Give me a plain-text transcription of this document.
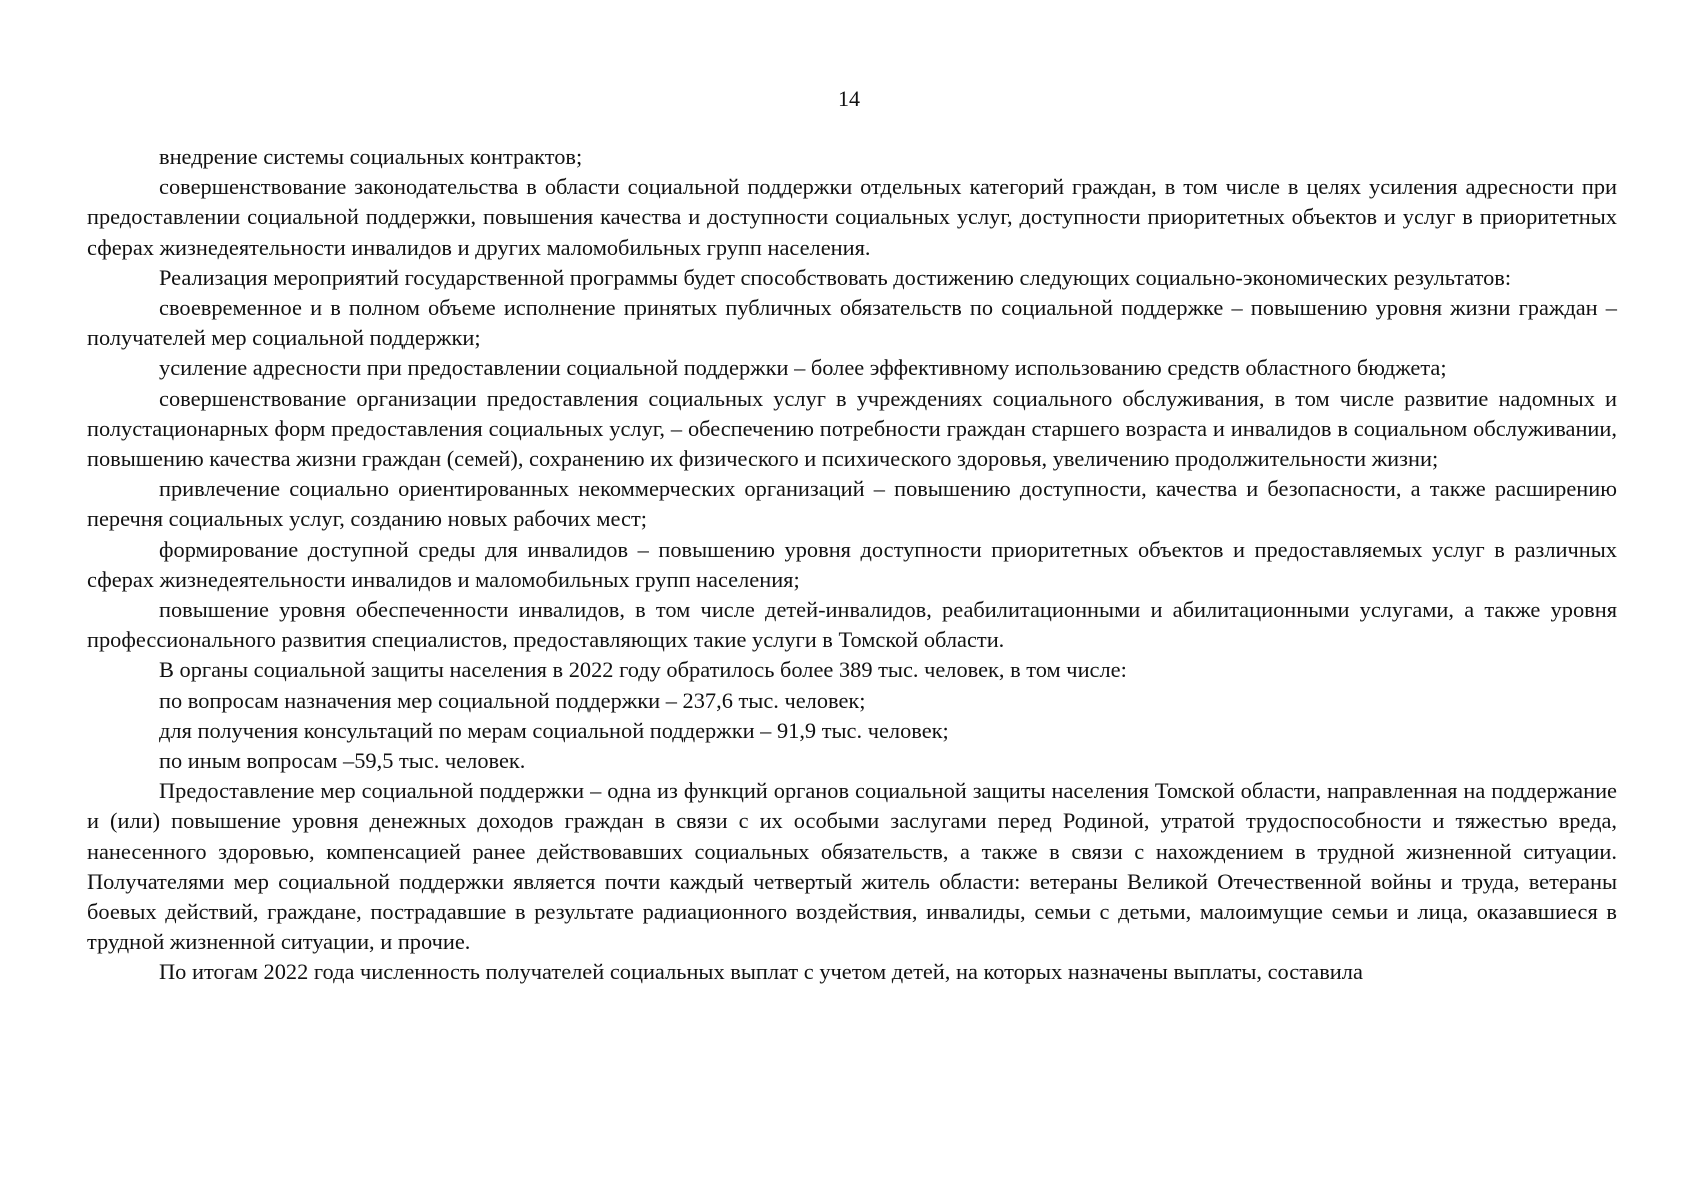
14

внедрение системы социальных контрактов;

совершенствование законодательства в области социальной поддержки отдельных категорий граждан, в том числе в целях усиления адресности при предоставлении социальной поддержки, повышения качества и доступности социальных услуг, доступности приоритетных объектов и услуг в приоритетных сферах жизнедеятельности инвалидов и других маломобильных групп населения.

Реализация мероприятий государственной программы будет способствовать достижению следующих социально-экономических результатов:

своевременное и в полном объеме исполнение принятых публичных обязательств по социальной поддержке – повышению уровня жизни граждан – получателей мер социальной поддержки;

усиление адресности при предоставлении социальной поддержки – более эффективному использованию средств областного бюджета;

совершенствование организации предоставления социальных услуг в учреждениях социального обслуживания, в том числе развитие надомных и полустационарных форм предоставления социальных услуг, – обеспечению потребности граждан старшего возраста и инвалидов в социальном обслуживании, повышению качества жизни граждан (семей), сохранению их физического и психического здоровья, увеличению продолжительности жизни;

привлечение социально ориентированных некоммерческих организаций – повышению доступности, качества и безопасности, а также расширению перечня социальных услуг, созданию новых рабочих мест;

формирование доступной среды для инвалидов – повышению уровня доступности приоритетных объектов и предоставляемых услуг в различных сферах жизнедеятельности инвалидов и маломобильных групп населения;

повышение уровня обеспеченности инвалидов, в том числе детей-инвалидов, реабилитационными и абилитационными услугами, а также уровня профессионального развития специалистов, предоставляющих такие услуги в Томской области.

В органы социальной защиты населения в 2022 году обратилось более 389 тыс. человек, в том числе:

по вопросам назначения мер социальной поддержки – 237,6 тыс. человек;

для получения консультаций по мерам социальной поддержки – 91,9 тыс. человек;

по иным вопросам –59,5 тыс. человек.

Предоставление мер социальной поддержки – одна из функций органов социальной защиты населения Томской области, направленная на поддержание и (или) повышение уровня денежных доходов граждан в связи с их особыми заслугами перед Родиной, утратой трудоспособности и тяжестью вреда, нанесенного здоровью, компенсацией ранее действовавших социальных обязательств, а также в связи с нахождением в трудной жизненной ситуации. Получателями мер социальной поддержки является почти каждый четвертый житель области: ветераны Великой Отечественной войны и труда, ветераны боевых действий, граждане, пострадавшие в результате радиационного воздействия, инвалиды, семьи с детьми, малоимущие семьи и лица, оказавшиеся в трудной жизненной ситуации, и прочие.

По итогам 2022 года численность получателей социальных выплат с учетом детей, на которых назначены выплаты, составила
